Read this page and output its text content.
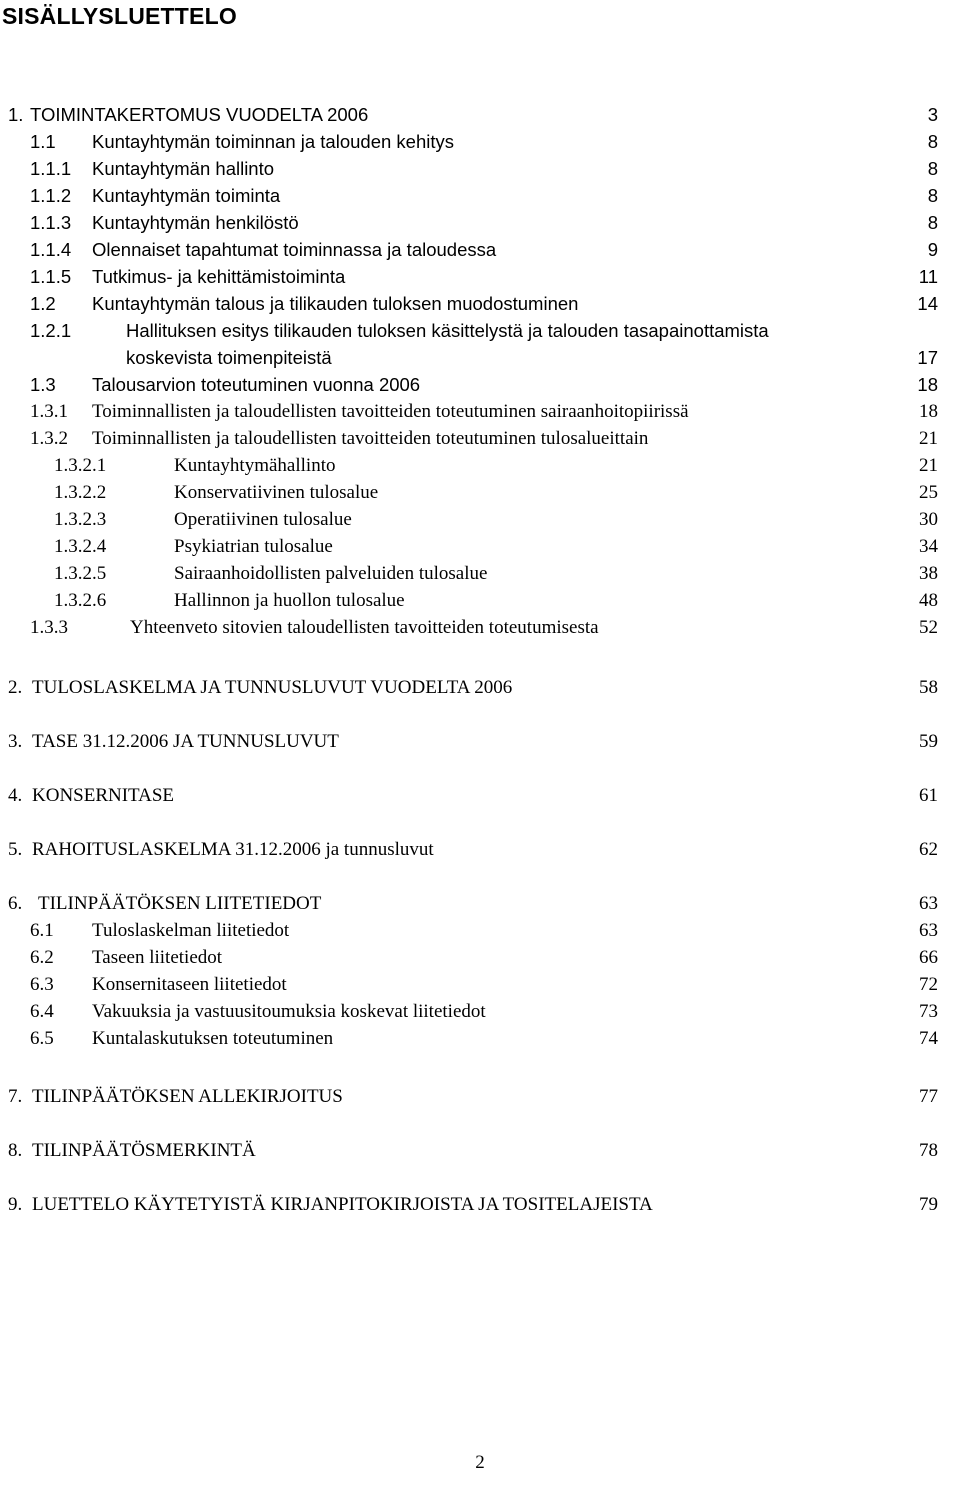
SISÄLLYSLUETTELO
1. TOIMINTAKERTOMUS VUODELTA 2006 .....	3
1.1	Kuntayhtymän toiminnan ja talouden kehitys .....	8
1.1.1	Kuntayhtymän hallinto .....	8
1.1.2	Kuntayhtymän toiminta .....	8
1.1.3	Kuntayhtymän henkilöstö .....	8
1.1.4	Olennaiset tapahtumat toiminnassa ja taloudessa .....	9
1.1.5	Tutkimus- ja kehittämistoiminta .....	11
1.2	Kuntayhtymän talous ja tilikauden tuloksen muodostuminen .....	14
1.2.1	Hallituksen esitys tilikauden tuloksen käsittelystä ja talouden tasapainottamista
koskevista toimenpiteistä .....	17
1.3	Talousarvion toteutuminen vuonna 2006 .....	18
1.3.1	Toiminnallisten ja taloudellisten tavoitteiden toteutuminen sairaanhoitopiirissä .....	18
1.3.2	Toiminnallisten ja taloudellisten tavoitteiden toteutuminen tulosalueittain .....	21
1.3.2.1	Kuntayhtymähallinto .....	21
1.3.2.2	Konservatiivinen tulosalue .....	25
1.3.2.3	Operatiivinen tulosalue .....	30
1.3.2.4	Psykiatrian tulosalue .....	34
1.3.2.5	Sairaanhoidollisten palveluiden tulosalue .....	38
1.3.2.6	Hallinnon ja huollon tulosalue .....	48
1.3.3	Yhteenveto sitovien taloudellisten tavoitteiden toteutumisesta .....	52
2. TULOSLASKELMA JA TUNNUSLUVUT VUODELTA 2006 .....	58
3. TASE 31.12.2006 JA TUNNUSLUVUT .....	59
4. KONSERNITASE .....	61
5. RAHOITUSLASKELMA 31.12.2006 ja tunnusluvut .....	62
6. TILINPÄÄTÖKSEN LIITETIEDOT .....	63
6.1	Tuloslaskelman liitetiedot .....	63
6.2	Taseen liitetiedot .....	66
6.3	Konsernitaseen liitetiedot .....	72
6.4	Vakuuksia ja vastuusitoumuksia koskevat liitetiedot .....	73
6.5	Kuntalaskutuksen toteutuminen .....	74
7. TILINPÄÄTÖKSEN ALLEKIRJOITUS .....	77
8. TILINPÄÄTÖSMERKINTÄ .....	78
9. LUETTELO KÄYTETYISTÄ KIRJANPITOKIRJOISTA JA TOSITELAJEISTA .....	79
2
